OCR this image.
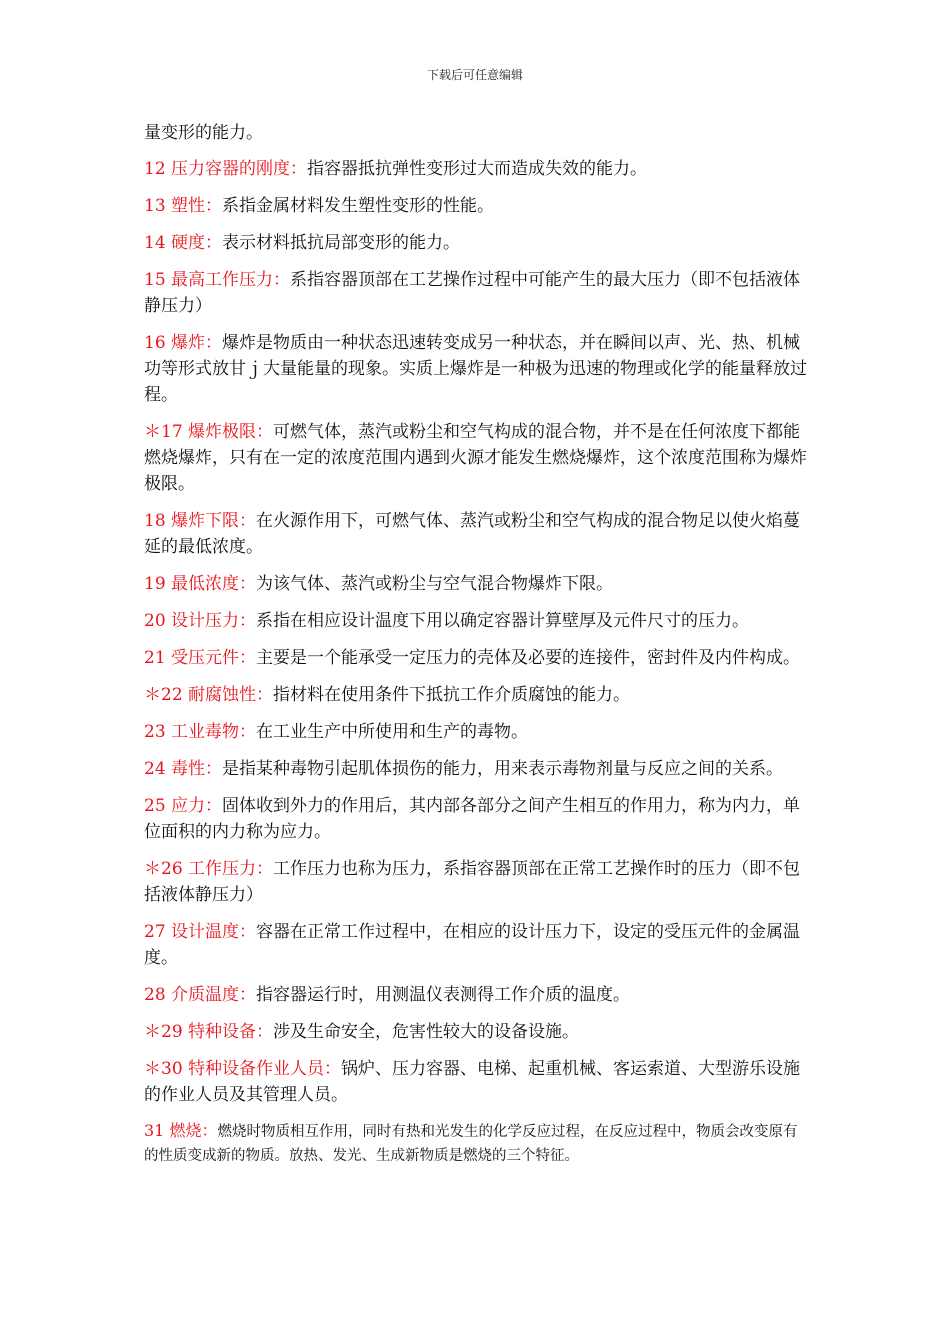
下载后可任意编辑

量变形的能力。

12 压力容器的刚度：指容器抵抗弹性变形过大而造成失效的能力。

13 塑性：系指金属材料发生塑性变形的性能。

14 硬度：表示材料抵抗局部变形的能力。

15 最高工作压力：系指容器顶部在工艺操作过程中可能产生的最大压力（即不包括液体静压力）

16 爆炸：爆炸是物质由一种状态迅速转变成另一种状态，并在瞬间以声、光、热、机械功等形式放甘ｊ大量能量的现象。实质上爆炸是一种极为迅速的物理或化学的能量释放过程。

＊17 爆炸极限：可燃气体，蒸汽或粉尘和空气构成的混合物，并不是在任何浓度下都能燃烧爆炸，只有在一定的浓度范围内遇到火源才能发生燃烧爆炸，这个浓度范围称为爆炸极限。

18 爆炸下限：在火源作用下，可燃气体、蒸汽或粉尘和空气构成的混合物足以使火焰蔓延的最低浓度。

19 最低浓度：为该气体、蒸汽或粉尘与空气混合物爆炸下限。

20 设计压力：系指在相应设计温度下用以确定容器计算壁厚及元件尺寸的压力。

21 受压元件：主要是一个能承受一定压力的壳体及必要的连接件，密封件及内件构成。

＊22 耐腐蚀性：指材料在使用条件下抵抗工作介质腐蚀的能力。

23 工业毒物：在工业生产中所使用和生产的毒物。

24 毒性：是指某种毒物引起肌体损伤的能力，用来表示毒物剂量与反应之间的关系。

25 应力：固体收到外力的作用后，其内部各部分之间产生相互的作用力，称为内力，单位面积的内力称为应力。

＊26 工作压力：工作压力也称为压力，系指容器顶部在正常工艺操作时的压力（即不包括液体静压力）

27 设计温度：容器在正常工作过程中，在相应的设计压力下，设定的受压元件的金属温度。

28 介质温度：指容器运行时，用测温仪表测得工作介质的温度。

＊29 特种设备：涉及生命安全，危害性较大的设备设施。

＊30 特种设备作业人员：锅炉、压力容器、电梯、起重机械、客运索道、大型游乐设施的作业人员及其管理人员。

31 燃烧：燃烧时物质相互作用，同时有热和光发生的化学反应过程，在反应过程中，物质会改变原有的性质变成新的物质。放热、发光、生成新物质是燃烧的三个特征。
